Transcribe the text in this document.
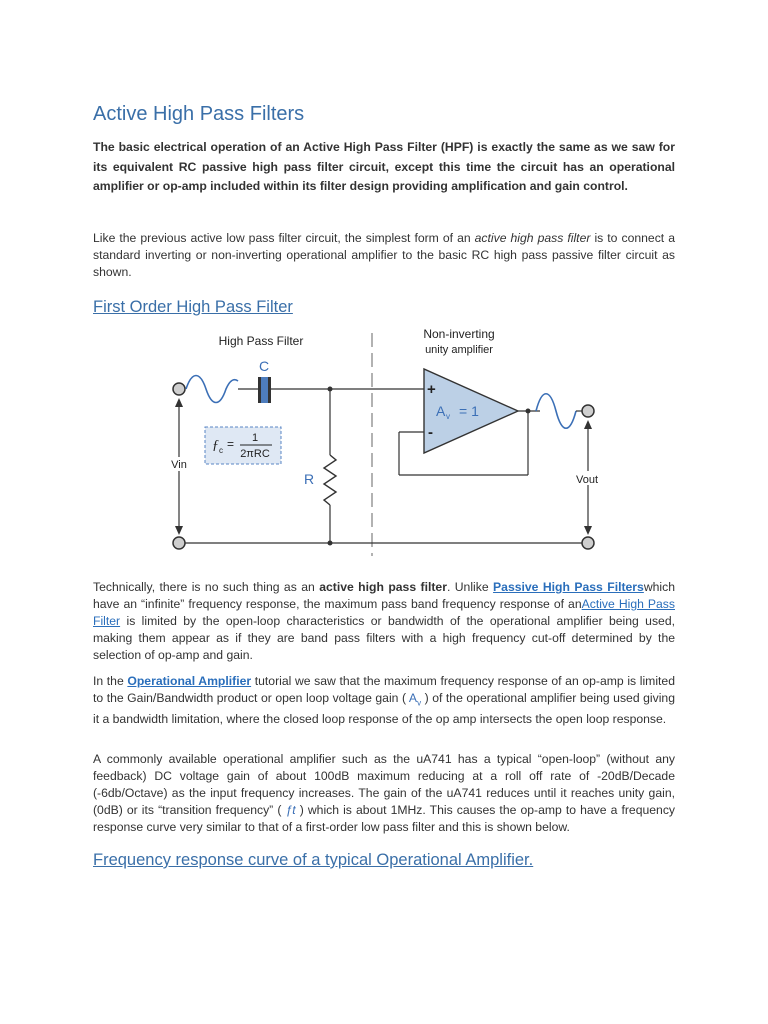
Active High Pass Filters

The basic electrical operation of an Active High Pass Filter (HPF) is exactly the same as we saw for its equivalent RC passive high pass filter circuit, except this time the circuit has an operational amplifier or op-amp included within its filter design providing amplification and gain control.

Like the previous active low pass filter circuit, the simplest form of an active high pass filter is to connect a standard inverting or non-inverting operational amplifier to the basic RC high pass passive filter circuit as shown.

First Order High Pass Filter

Technically, there is no such thing as an active high pass filter. Unlike Passive High Pass Filterswhich have an “infinite” frequency response, the maximum pass band frequency response of anActive High Pass Filter is limited by the open-loop characteristics or bandwidth of the operational amplifier being used, making them appear as if they are band pass filters with a high frequency cut-off determined by the selection of op-amp and gain.

In the Operational Amplifier tutorial we saw that the maximum frequency response of an op-amp is limited to the Gain/Bandwidth product or open loop voltage gain ( $A_v$ ) of the operational amplifier being used giving it a bandwidth limitation, where the closed loop response of the op amp intersects the open loop response.

A commonly available operational amplifier such as the uA741 has a typical “open-loop” (without any feedback) DC voltage gain of about 100dB maximum reducing at a roll off rate of -20dB/Decade (-6db/Octave) as the input frequency increases. The gain of the uA741 reduces until it reaches unity gain, (0dB) or its “transition frequency” ( ƒt ) which is about 1MHz. This causes the op-amp to have a frequency response curve very similar to that of a first-order low pass filter and this is shown below.

Frequency response curve of a typical Operational Amplifier.
High Pass Filter	Non-inverting
unity amplifier
C
R
ƒ c = 1
2πRC
Vin
+
-
A v = 1
Vout
